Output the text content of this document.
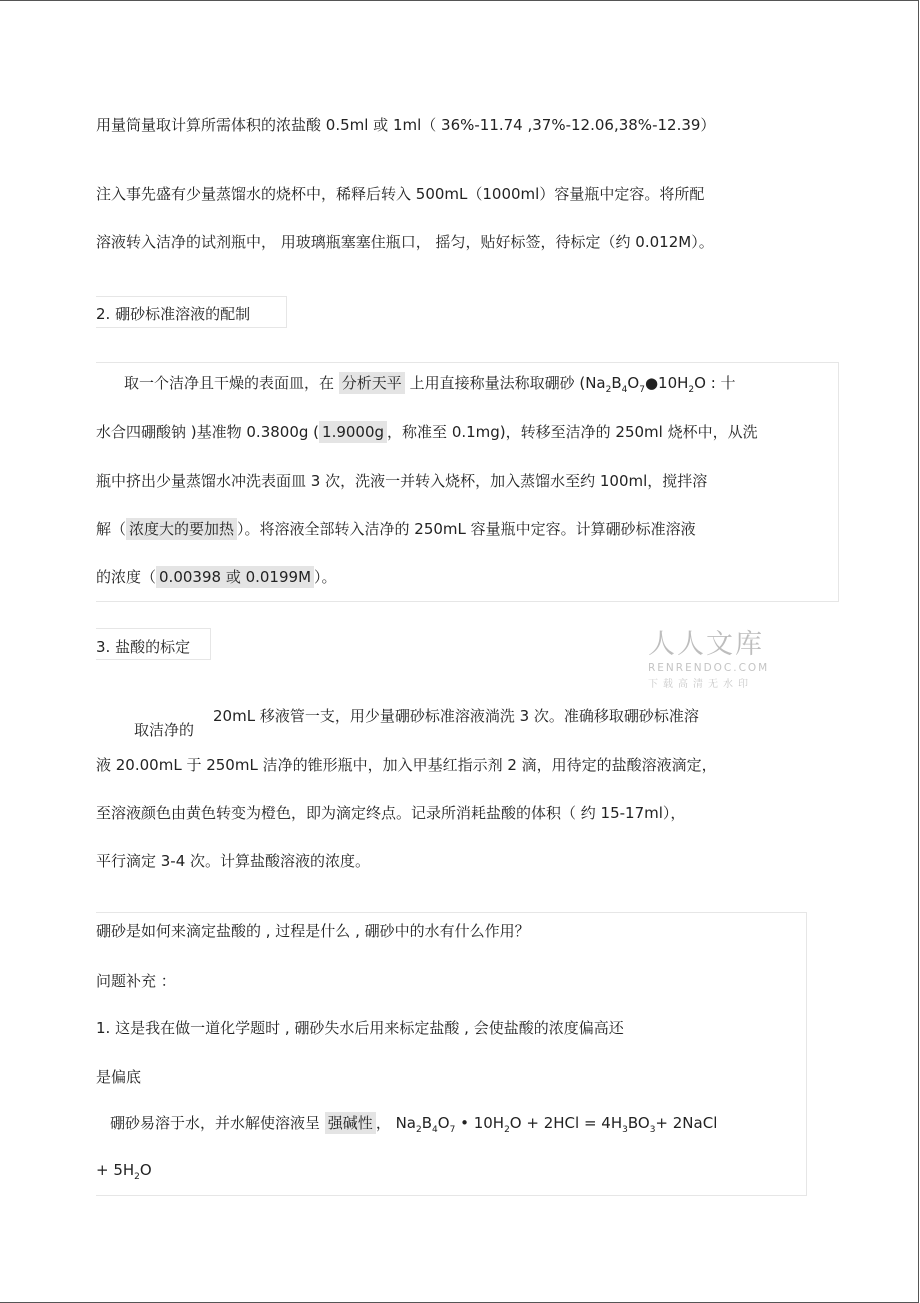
用量筒量取计算所需体积的浓盐酸 0.5ml 或 1ml（ 36%-11.74 ,37%-12.06,38%-12.39）
注入事先盛有少量蒸馏水的烧杯中，稀释后转入 500mL（1000ml）容量瓶中定容。将所配
溶液转入洁净的试剂瓶中， 用玻璃瓶塞塞住瓶口， 摇匀，贴好标签，待标定（约 0.012M）。
2. 硼砂标准溶液的配制
取一个洁净且干燥的表面皿，在 分析天平 上用直接称量法称取硼砂 ($Na_2B_4O_7●10H_2O$ : 十
水合四硼酸钠 )基准物 0.3800g ( 1.9000g ，称准至 0.1mg)，转移至洁净的 250ml 烧杯中，从洗
瓶中挤出少量蒸馏水冲洗表面皿 3 次，洗液一并转入烧杯，加入蒸馏水至约 100ml，搅拌溶
解（ 浓度大的要加热 ）。将溶液全部转入洁净的 250mL 容量瓶中定容。计算硼砂标准溶液
的浓度（ 0.00398 或 0.0199M ）。
3. 盐酸的标定	人人文库
RENRENDOC.COM
下载高清无水印
20mL 移液管一支，用少量硼砂标准溶液淌洗 3 次。准确移取硼砂标准溶
取洁净的
液 20.00mL 于 250mL 洁净的锥形瓶中，加入甲基红指示剂 2 滴，用待定的盐酸溶液滴定，
至溶液颜色由黄色转变为橙色，即为滴定终点。记录所消耗盐酸的体积（ 约 15-17ml），
平行滴定 3-4 次。计算盐酸溶液的浓度。
硼砂是如何来滴定盐酸的 , 过程是什么 , 硼砂中的水有什么作用？
问题补充 ：
1. 这是我在做一道化学题时 , 硼砂失水后用来标定盐酸 , 会使盐酸的浓度偏高还
是偏底
硼砂易溶于水，并水解使溶液呈 强碱性 ， $Na_2B_4O_7$ • $10H_2O + 2HCl = 4H_3BO_3+$ 2NaCl
+ $5H_2O$
